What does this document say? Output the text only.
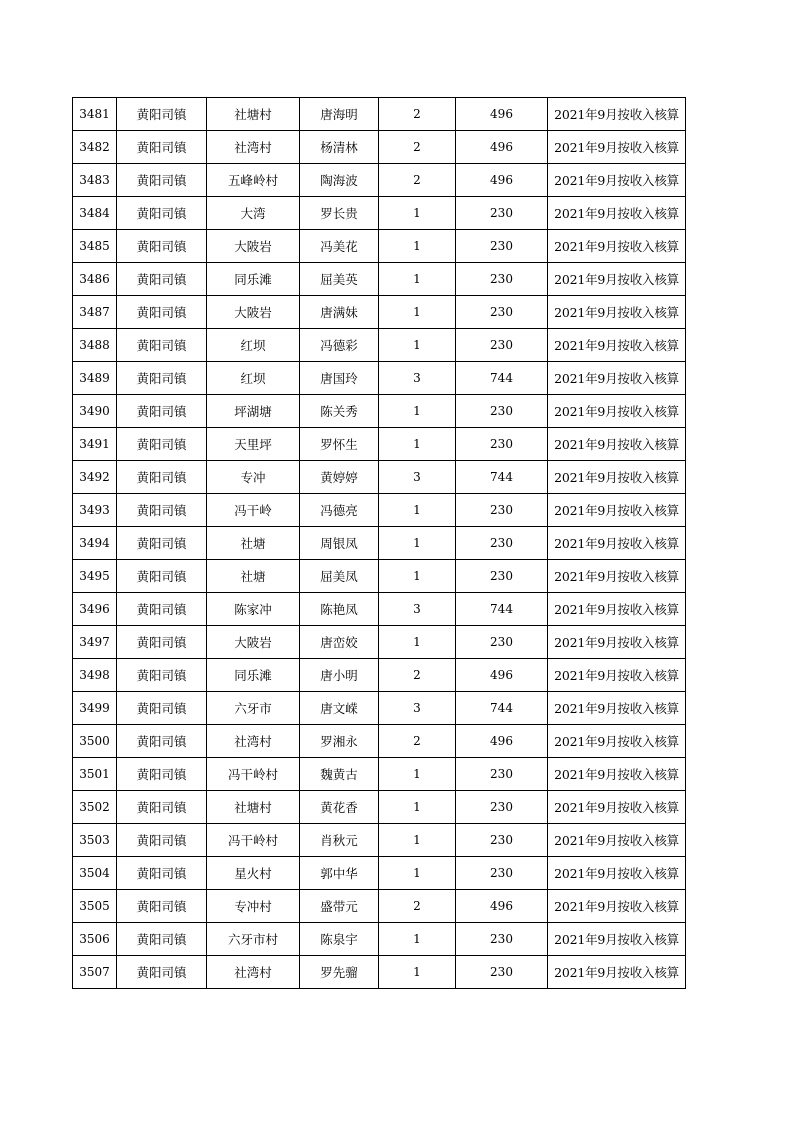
3481	黄阳司镇	社塘村	唐海明	2	496	2021年9月按收入核算
3482	黄阳司镇	社湾村	杨清林	2	496	2021年9月按收入核算
3483	黄阳司镇	五峰岭村	陶海波	2	496	2021年9月按收入核算
3484	黄阳司镇	大湾	罗长贵	1	230	2021年9月按收入核算
3485	黄阳司镇	大陂岩	冯美花	1	230	2021年9月按收入核算
3486	黄阳司镇	同乐滩	屈美英	1	230	2021年9月按收入核算
3487	黄阳司镇	大陂岩	唐满妹	1	230	2021年9月按收入核算
3488	黄阳司镇	红坝	冯德彩	1	230	2021年9月按收入核算
3489	黄阳司镇	红坝	唐国玲	3	744	2021年9月按收入核算
3490	黄阳司镇	坪湖塘	陈关秀	1	230	2021年9月按收入核算
3491	黄阳司镇	天里坪	罗怀生	1	230	2021年9月按收入核算
3492	黄阳司镇	专冲	黄婷婷	3	744	2021年9月按收入核算
3493	黄阳司镇	冯干岭	冯德亮	1	230	2021年9月按收入核算
3494	黄阳司镇	社塘	周银凤	1	230	2021年9月按收入核算
3495	黄阳司镇	社塘	屈美凤	1	230	2021年9月按收入核算
3496	黄阳司镇	陈家冲	陈艳凤	3	744	2021年9月按收入核算
3497	黄阳司镇	大陂岩	唐峦姣	1	230	2021年9月按收入核算
3498	黄阳司镇	同乐滩	唐小明	2	496	2021年9月按收入核算
3499	黄阳司镇	六牙市	唐文嵘	3	744	2021年9月按收入核算
3500	黄阳司镇	社湾村	罗湘永	2	496	2021年9月按收入核算
3501	黄阳司镇	冯干岭村	魏黄古	1	230	2021年9月按收入核算
3502	黄阳司镇	社塘村	黄花香	1	230	2021年9月按收入核算
3503	黄阳司镇	冯干岭村	肖秋元	1	230	2021年9月按收入核算
3504	黄阳司镇	星火村	郭中华	1	230	2021年9月按收入核算
3505	黄阳司镇	专冲村	盛带元	2	496	2021年9月按收入核算
3506	黄阳司镇	六牙市村	陈泉宇	1	230	2021年9月按收入核算
3507	黄阳司镇	社湾村	罗先骝	1	230	2021年9月按收入核算
